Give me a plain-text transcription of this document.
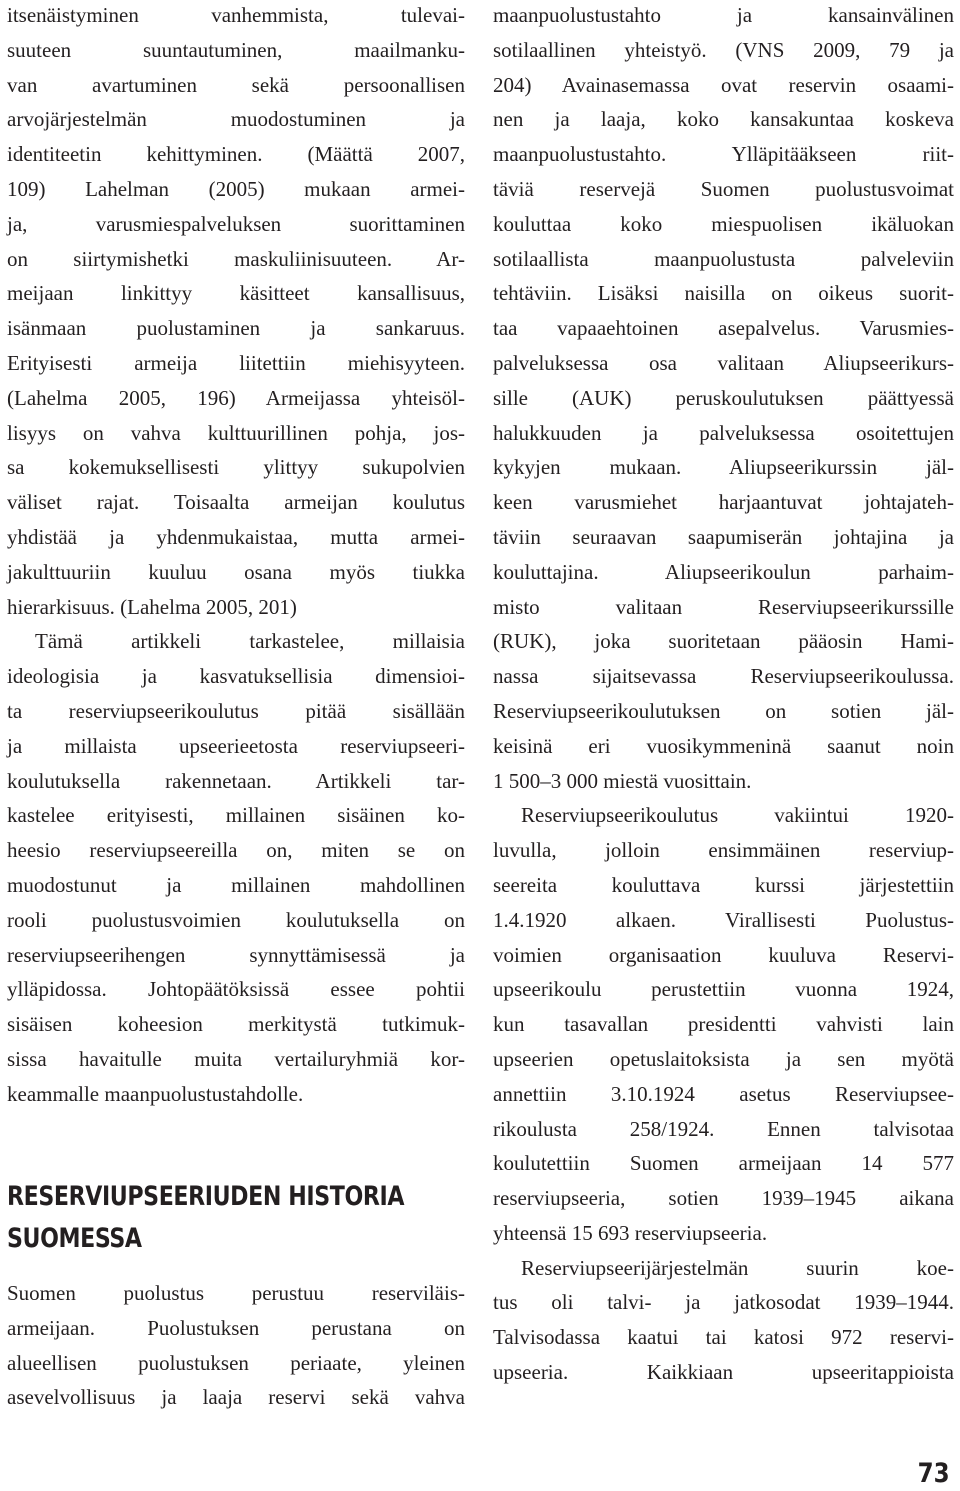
itsenäistyminen vanhemmista, tulevai-
suuteen suuntautuminen, maailmanku-
van avartuminen sekä persoonallisen
arvojärjestelmän muodostuminen ja
identiteetin kehittyminen. (Määttä 2007,
109) Lahelman (2005) mukaan armei-
ja, varusmiespalveluksen suorittaminen
on siirtymishetki maskuliinisuuteen. Ar-
meijaan linkittyy käsitteet kansallisuus,
isänmaan puolustaminen ja sankaruus.
Erityisesti armeija liitettiin miehisyyteen.
(Lahelma 2005, 196) Armeijassa yhteisöl-
lisyys on vahva kulttuurillinen pohja, jos-
sa kokemuksellisesti ylittyy sukupolvien
väliset rajat. Toisaalta armeijan koulutus
yhdistää ja yhdenmukaistaa, mutta armei-
jakulttuuriin kuuluu osana myös tiukka
hierarkisuus. (Lahelma 2005, 201)
Tämä artikkeli tarkastelee, millaisia
ideologisia ja kasvatuksellisia dimensioi-
ta reserviupseerikoulutus pitää sisällään
ja millaista upseerieetosta reserviupseeri-
koulutuksella rakennetaan. Artikkeli tar-
kastelee erityisesti, millainen sisäinen ko-
heesio reserviupseereilla on, miten se on
muodostunut ja millainen mahdollinen
rooli puolustusvoimien koulutuksella on
reserviupseerihengen synnyttämisessä ja
ylläpidossa. Johtopäätöksissä essee pohtii
sisäisen koheesion merkitystä tutkimuk-
sissa havaitulle muita vertailuryhmiä kor-
keammalle maanpuolustustahdolle.
RESERVIUPSEERIUDEN HISTORIA
SUOMESSA
Suomen puolustus perustuu reserviläis-
armeijaan. Puolustuksen perustana on
alueellisen puolustuksen periaate, yleinen
asevelvollisuus ja laaja reservi sekä vahva
maanpuolustustahto ja kansainvälinen
sotilaallinen yhteistyö. (VNS 2009, 79 ja
204) Avainasemassa ovat reservin osaami-
nen ja laaja, koko kansakuntaa koskeva
maanpuolustustahto. Ylläpitääkseen riit-
täviä reservejä Suomen puolustusvoimat
kouluttaa koko miespuolisen ikäluokan
sotilaallista maanpuolustusta palveleviin
tehtäviin. Lisäksi naisilla on oikeus suorit-
taa vapaaehtoinen asepalvelus. Varusmies-
palveluksessa osa valitaan Aliupseerikurs-
sille (AUK) peruskoulutuksen päättyessä
halukkuuden ja palveluksessa osoitettujen
kykyjen mukaan. Aliupseerikurssin jäl-
keen varusmiehet harjaantuvat johtajateh-
täviin seuraavan saapumiserän johtajina ja
kouluttajina. Aliupseerikoulun parhaim-
misto valitaan Reserviupseerikurssille
(RUK), joka suoritetaan pääosin Hami-
nassa sijaitsevassa Reserviupseerikoulussa.
Reserviupseerikoulutuksen on sotien jäl-
keisinä eri vuosikymmeninä saanut noin
1 500–3 000 miestä vuosittain.
Reserviupseerikoulutus vakiintui 1920-
luvulla, jolloin ensimmäinen reserviup-
seereita kouluttava kurssi järjestettiin
1.4.1920 alkaen. Virallisesti Puolustus-
voimien organisaation kuuluva Reservi-
upseerikoulu perustettiin vuonna 1924,
kun tasavallan presidentti vahvisti lain
upseerien opetuslaitoksista ja sen myötä
annettiin 3.10.1924 asetus Reserviupsee-
rikoulusta 258/1924. Ennen talvisotaa
koulutettiin Suomen armeijaan 14 577
reserviupseeria, sotien 1939–1945 aikana
yhteensä 15 693 reserviupseeria.
Reserviupseerijärjestelmän suurin koe-
tus oli talvi- ja jatkosodat 1939–1944.
Talvisodassa kaatui tai katosi 972 reservi-
upseeria. Kaikkiaan upseeritappioista
73
